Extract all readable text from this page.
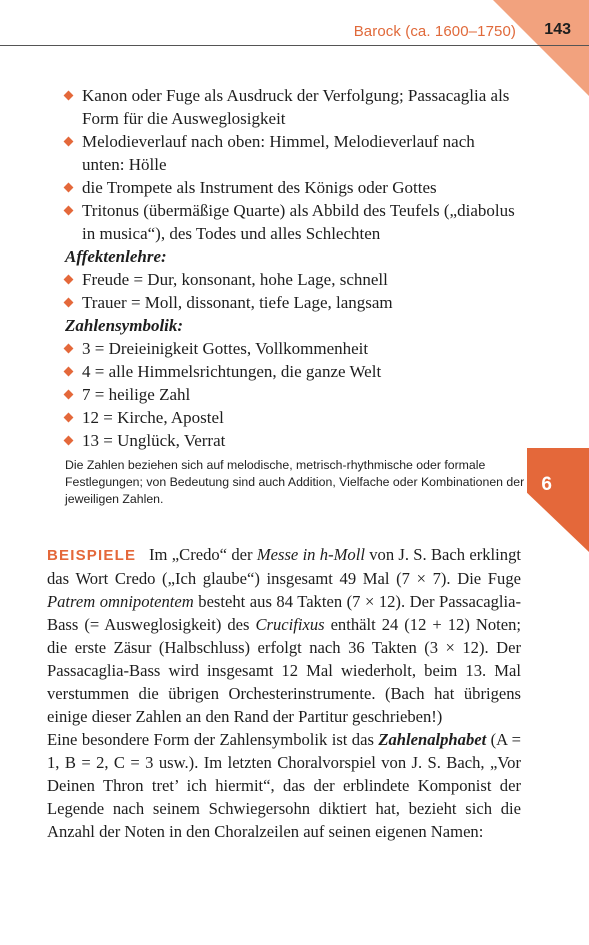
Barock (ca. 1600–1750) 143
6
Kanon oder Fuge als Ausdruck der Verfolgung; Passacaglia als Form für die Ausweglosigkeit
Melodieverlauf nach oben: Himmel, Melodieverlauf nach unten: Hölle
die Trompete als Instrument des Königs oder Gottes
Tritonus (übermäßige Quarte) als Abbild des Teufels („diabolus in musica“), des Todes und alles Schlechten
Affektenlehre:
Freude = Dur, konsonant, hohe Lage, schnell
Trauer = Moll, dissonant, tiefe Lage, langsam
Zahlensymbolik:
3 = Dreieinigkeit Gottes, Vollkommenheit
4 = alle Himmelsrichtungen, die ganze Welt
7 = heilige Zahl
12 = Kirche, Apostel
13 = Unglück, Verrat
Die Zahlen beziehen sich auf melodische, metrisch-rhythmische oder formale Festlegungen; von Bedeutung sind auch Addition, Vielfache oder Kombinationen der jeweiligen Zahlen.

BEISPIELE Im „Credo“ der Messe in h-Moll von J. S. Bach erklingt das Wort Credo („Ich glaube“) insgesamt 49 Mal (7 × 7). Die Fuge Patrem omnipotentem besteht aus 84 Takten (7 × 12). Der Passacaglia-Bass (= Ausweglosigkeit) des Crucifixus enthält 24 (12 + 12) Noten; die erste Zäsur (Halbschluss) erfolgt nach 36 Takten (3 × 12). Der Passacaglia-Bass wird insgesamt 12 Mal wiederholt, beim 13. Mal verstummen die übrigen Orchesterinstrumente. (Bach hat übrigens einige dieser Zahlen an den Rand der Partitur geschrieben!)

Eine besondere Form der Zahlensymbolik ist das Zahlenalphabet (A = 1, B = 2, C = 3 usw.). Im letzten Choralvorspiel von J. S. Bach, „Vor Deinen Thron tret’ ich hiermit“, das der erblindete Komponist der Legende nach seinem Schwiegersohn diktiert hat, bezieht sich die Anzahl der Noten in den Choralzeilen auf seinen eigenen Namen:
